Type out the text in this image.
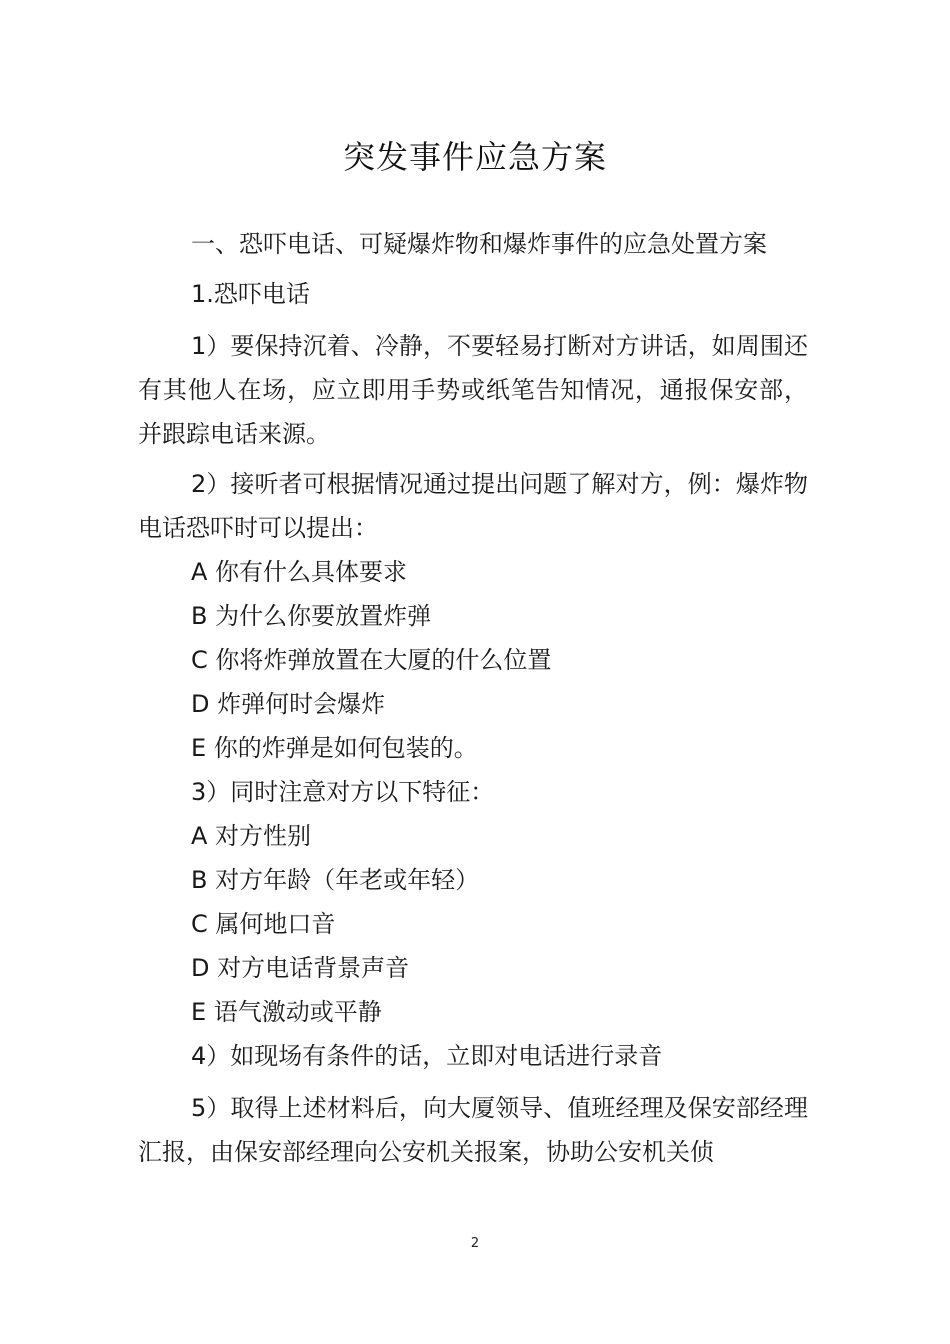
突发事件应急方案

一、恐吓电话、可疑爆炸物和爆炸事件的应急处置方案

1.恐吓电话

1）要保持沉着、冷静，不要轻易打断对方讲话，如周围还有其他人在场，应立即用手势或纸笔告知情况，通报保安部，并跟踪电话来源。

2）接听者可根据情况通过提出问题了解对方，例：爆炸物电话恐吓时可以提出：

A 你有什么具体要求

B 为什么你要放置炸弹

C 你将炸弹放置在大厦的什么位置

D 炸弹何时会爆炸

E 你的炸弹是如何包装的。

3）同时注意对方以下特征：

A 对方性别

B 对方年龄（年老或年轻）

C 属何地口音

D 对方电话背景声音

E 语气激动或平静

4）如现场有条件的话，立即对电话进行录音

5）取得上述材料后，向大厦领导、值班经理及保安部经理汇报，由保安部经理向公安机关报案，协助公安机关侦

2
